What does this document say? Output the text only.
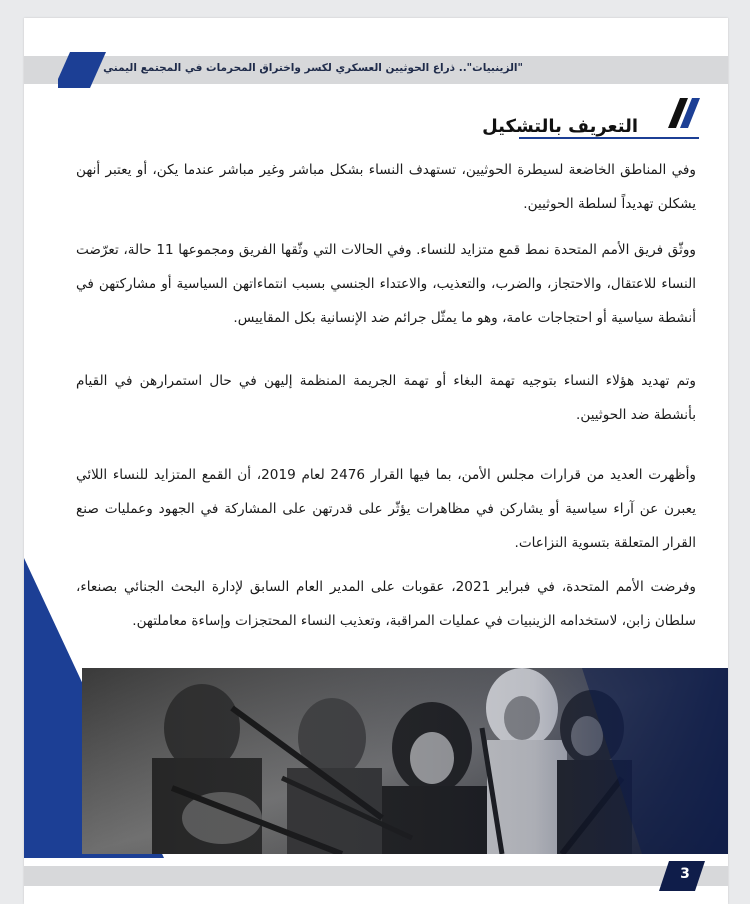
"الزينبيات".. ذراع الحوثيين العسكري لكسر واختراق المحرمات في المجتمع اليمني
التعريف بالتشكيل

وفي المناطق الخاضعة لسيطرة الحوثيين، تستهدف النساء بشكل مباشر وغير مباشر عندما يكن، أو يعتبر أنهن يشكلن تهديداً لسلطة الحوثيين.

ووثّق فريق الأمم المتحدة نمط قمع متزايد للنساء. وفي الحالات التي وثّقها الفريق ومجموعها 11 حالة، تعرّضت النساء للاعتقال، والاحتجاز، والضرب، والتعذيب، والاعتداء الجنسي بسبب انتماءاتهن السياسية أو مشاركتهن في أنشطة سياسية أو احتجاجات عامة، وهو ما يمثّل جرائم ضد الإنسانية بكل المقاييس.

وتم تهديد هؤلاء النساء بتوجيه تهمة البغاء أو تهمة الجريمة المنظمة إليهن في حال استمرارهن في القيام بأنشطة ضد الحوثيين.

وأظهرت العديد من قرارات مجلس الأمن، بما فيها القرار 2476 لعام 2019، أن القمع المتزايد للنساء اللائي يعبرن عن آراء سياسية أو يشاركن في مظاهرات يؤثّر على قدرتهن على المشاركة في الجهود وعمليات صنع القرار المتعلقة بتسوية النزاعات.

وفرضت الأمم المتحدة، في فبراير 2021، عقوبات على المدير العام السابق لإدارة البحث الجنائي بصنعاء، سلطان زابن، لاستخدامه الزينبيات في عمليات المراقبة، وتعذيب النساء المحتجزات وإساءة معاملتهن.

3
